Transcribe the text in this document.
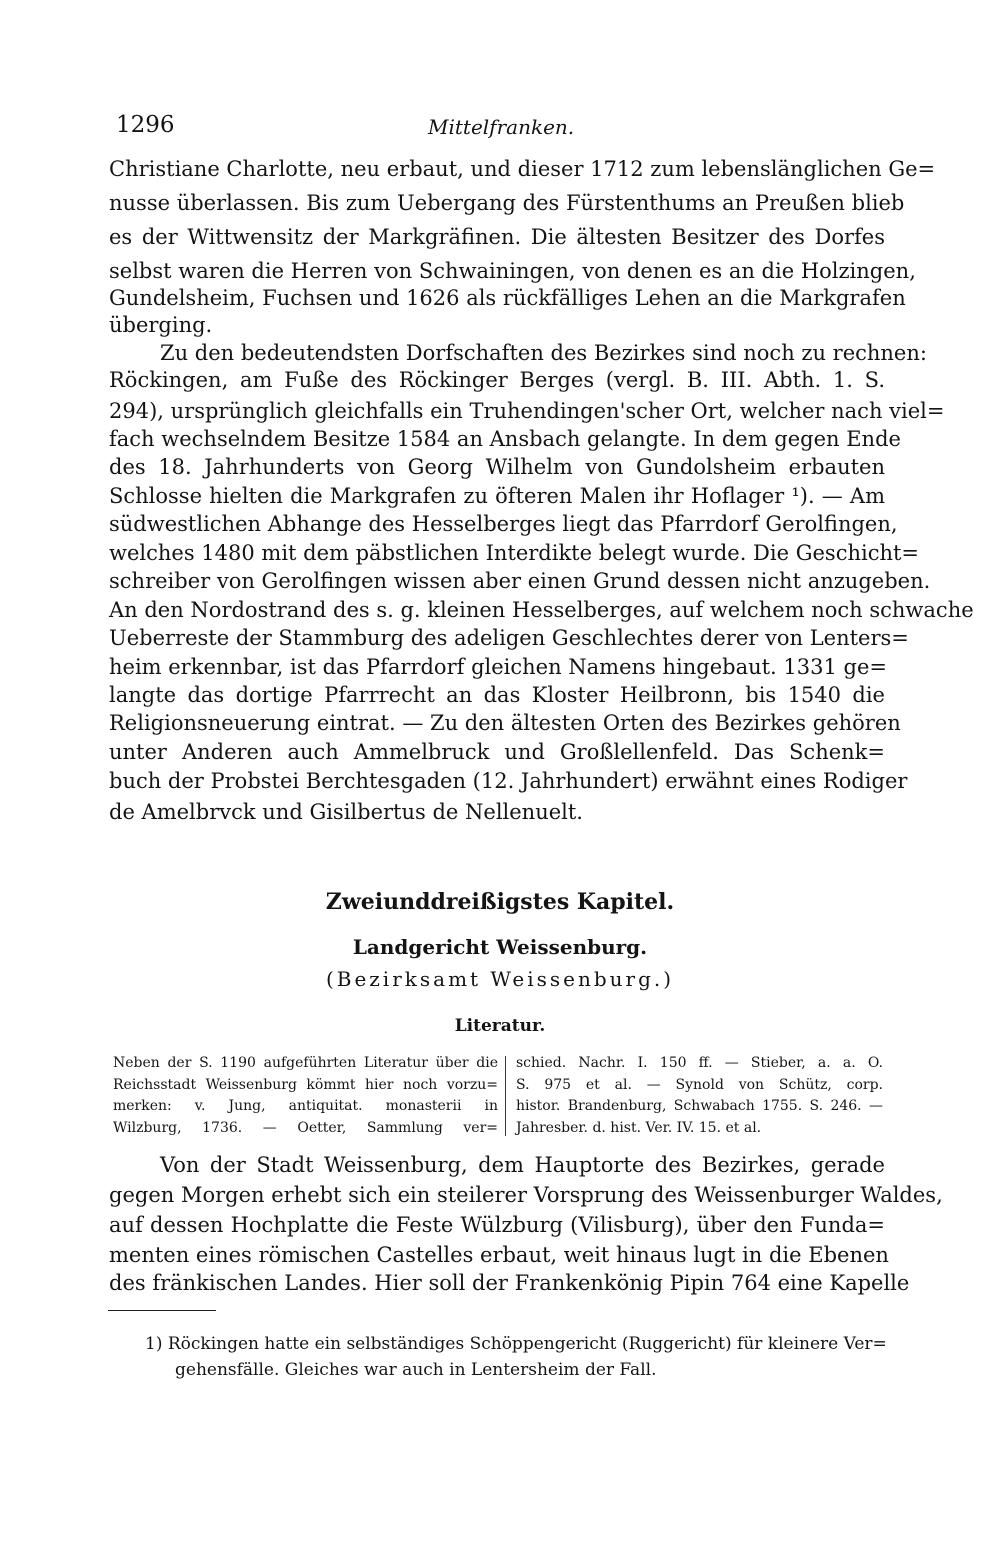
1296	Mittelfranken.
Christiane Charlotte, neu erbaut, und dieser 1712 zum lebenslänglichen Ge=
nusse überlassen. Bis zum Uebergang des Fürstenthums an Preußen blieb
es der Wittwensitz der Markgräfinen. Die ältesten Besitzer des Dorfes
selbst waren die Herren von Schwainingen, von denen es an die Holzingen,
Gundelsheim, Fuchsen und 1626 als rückfälliges Lehen an die Markgrafen
überging.
Zu den bedeutendsten Dorfschaften des Bezirkes sind noch zu rechnen:
Röckingen, am Fuße des Röckinger Berges (vergl. B. III. Abth. 1. S.
294), ursprünglich gleichfalls ein Truhendingen'scher Ort, welcher nach viel=
fach wechselndem Besitze 1584 an Ansbach gelangte. In dem gegen Ende
des 18. Jahrhunderts von Georg Wilhelm von Gundolsheim erbauten
Schlosse hielten die Markgrafen zu öfteren Malen ihr Hoflager ¹). — Am
südwestlichen Abhange des Hesselberges liegt das Pfarrdorf Gerolfingen,
welches 1480 mit dem päbstlichen Interdikte belegt wurde. Die Geschicht=
schreiber von Gerolfingen wissen aber einen Grund dessen nicht anzugeben.
An den Nordostrand des s. g. kleinen Hesselberges, auf welchem noch schwache
Ueberreste der Stammburg des adeligen Geschlechtes derer von Lenters=
heim erkennbar, ist das Pfarrdorf gleichen Namens hingebaut. 1331 ge=
langte das dortige Pfarrrecht an das Kloster Heilbronn, bis 1540 die
Religionsneuerung eintrat. — Zu den ältesten Orten des Bezirkes gehören
unter Anderen auch Ammelbruck und Großlellenfeld. Das Schenk=
buch der Probstei Berchtesgaden (12. Jahrhundert) erwähnt eines Rodiger
de Amelbrvck und Gisilbertus de Nellenuelt.
Zweiunddreißigstes Kapitel.
Landgericht Weissenburg.
(Bezirksamt Weissenburg.)
Literatur.
Neben der S. 1190 aufgeführten Literatur über die
Reichsstadt Weissenburg kömmt hier noch vorzu=
merken: v. Jung, antiquitat. monasterii in
Wilzburg, 1736. — Oetter, Sammlung ver=
schied. Nachr. I. 150 ff. — Stieber, a. a. O.
S. 975 et al. — Synold von Schütz, corp.
histor. Brandenburg, Schwabach 1755. S. 246. —
Jahresber. d. hist. Ver. IV. 15. et al.
Von der Stadt Weissenburg, dem Hauptorte des Bezirkes, gerade
gegen Morgen erhebt sich ein steilerer Vorsprung des Weissenburger Waldes,
auf dessen Hochplatte die Feste Wülzburg (Vilisburg), über den Funda=
menten eines römischen Castelles erbaut, weit hinaus lugt in die Ebenen
des fränkischen Landes. Hier soll der Frankenkönig Pipin 764 eine Kapelle
1) Röckingen hatte ein selbständiges Schöppengericht (Ruggericht) für kleinere Ver=
gehensfälle. Gleiches war auch in Lentersheim der Fall.
